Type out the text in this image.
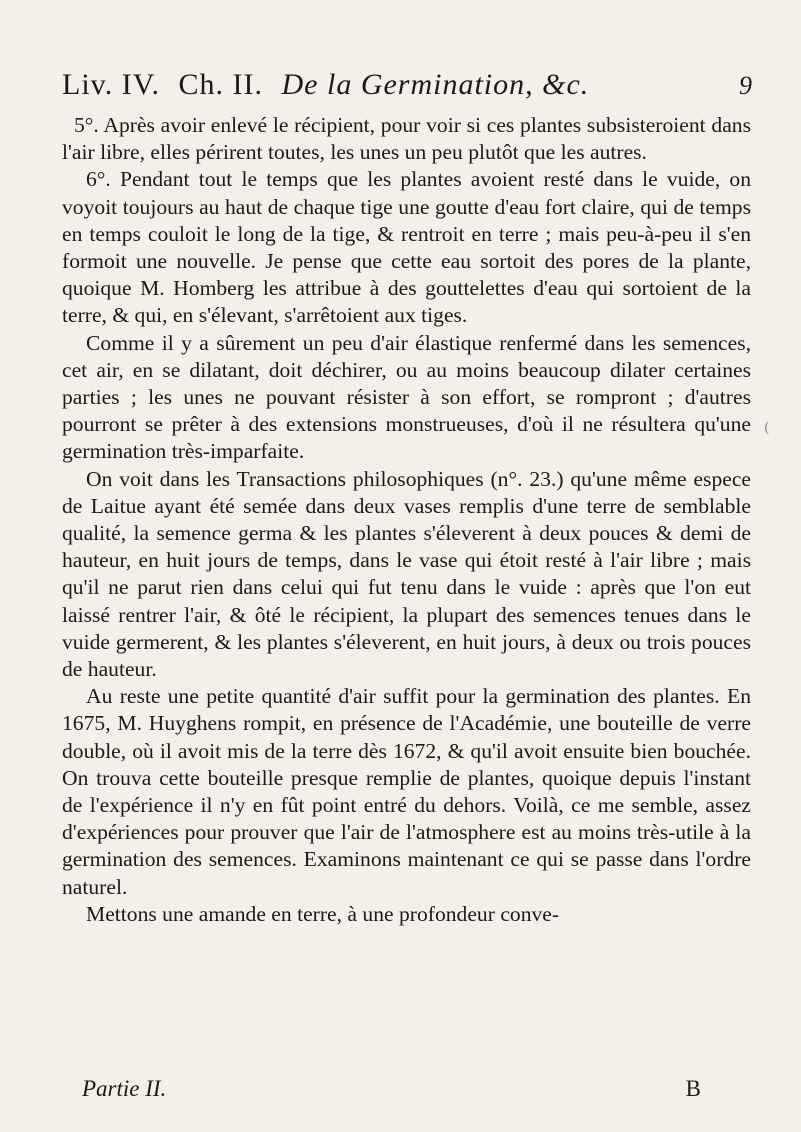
Liv. IV. Ch. II. De la Germination, &c.	9

5°. Après avoir enlevé le récipient, pour voir si ces plantes subsisteroient dans l'air libre, elles périrent toutes, les unes un peu plutôt que les autres.

6°. Pendant tout le temps que les plantes avoient resté dans le vuide, on voyoit toujours au haut de chaque tige une goutte d'eau fort claire, qui de temps en temps couloit le long de la tige, & rentroit en terre ; mais peu-à-peu il s'en formoit une nouvelle. Je pense que cette eau sortoit des pores de la plante, quoique M. Homberg les attribue à des gouttelettes d'eau qui sortoient de la terre, & qui, en s'élevant, s'arrêtoient aux tiges.

Comme il y a sûrement un peu d'air élastique renfermé dans les semences, cet air, en se dilatant, doit déchirer, ou au moins beaucoup dilater certaines parties ; les unes ne pouvant résister à son effort, se rompront ; d'autres pourront se prêter à des extensions monstrueuses, d'où il ne résultera qu'une germination très-imparfaite.

On voit dans les Transactions philosophiques (n°. 23.) qu'une même espece de Laitue ayant été semée dans deux vases remplis d'une terre de semblable qualité, la semence germa & les plantes s'éleverent à deux pouces & demi de hauteur, en huit jours de temps, dans le vase qui étoit resté à l'air libre ; mais qu'il ne parut rien dans celui qui fut tenu dans le vuide : après que l'on eut laissé rentrer l'air, & ôté le récipient, la plupart des semences tenues dans le vuide germerent, & les plantes s'éleverent, en huit jours, à deux ou trois pouces de hauteur.

Au reste une petite quantité d'air suffit pour la germination des plantes. En 1675, M. Huyghens rompit, en présence de l'Académie, une bouteille de verre double, où il avoit mis de la terre dès 1672, & qu'il avoit ensuite bien bouchée. On trouva cette bouteille presque remplie de plantes, quoique depuis l'instant de l'expérience il n'y en fût point entré du dehors. Voilà, ce me semble, assez d'expériences pour prouver que l'air de l'atmosphere est au moins très-utile à la germination des semences. Examinons maintenant ce qui se passe dans l'ordre naturel.

Mettons une amande en terre, à une profondeur conve-

(
Partie II.	B
